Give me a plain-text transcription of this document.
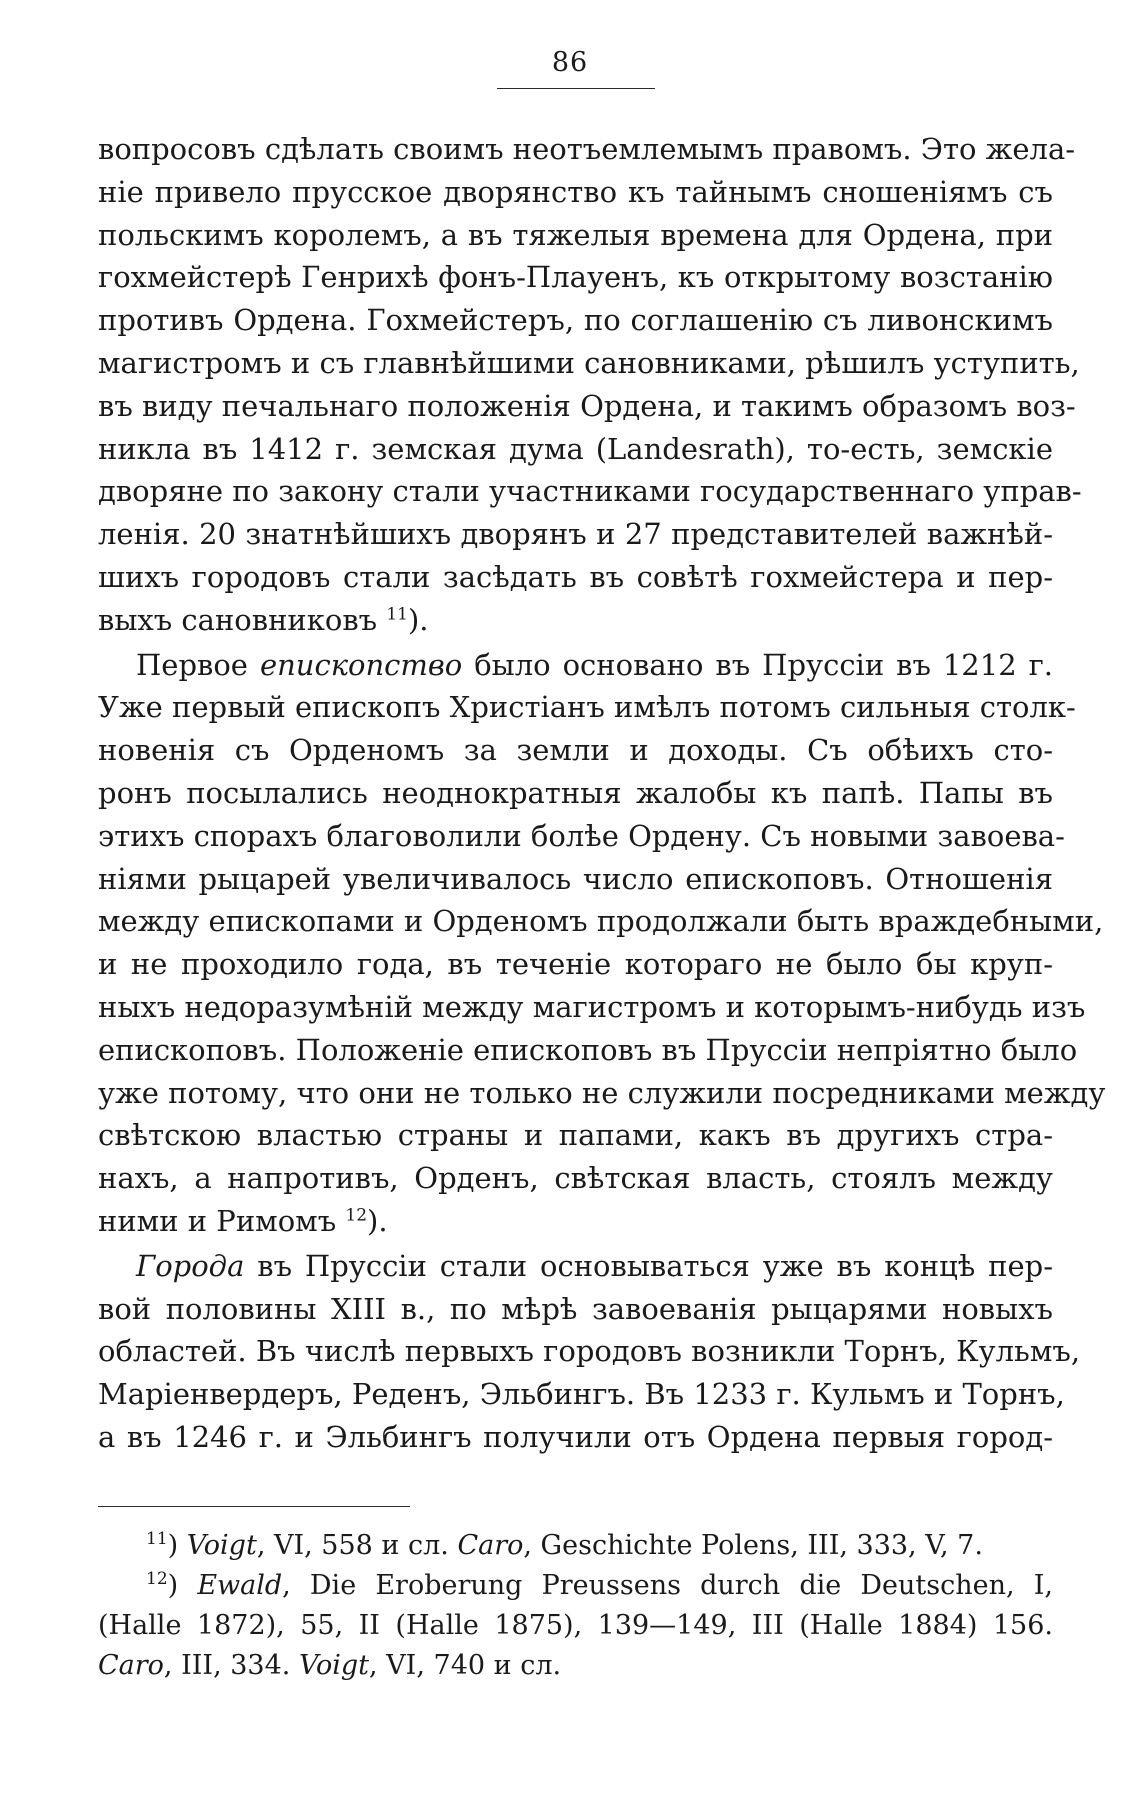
86
вопросовъ сдѣлать своимъ неотъемлемымъ правомъ. Это жела-
ніе привело прусское дворянство къ тайнымъ сношеніямъ съ
польскимъ королемъ, а въ тяжелыя времена для Ордена, при
гохмейстерѣ Генрихѣ фонъ-Плауенъ, къ открытому возстанію
противъ Ордена. Гохмейстеръ, по соглашенію съ ливонскимъ
магистромъ и съ главнѣйшими сановниками, рѣшилъ уступить,
въ виду печальнаго положенія Ордена, и такимъ образомъ воз-
никла въ 1412 г. земская дума (Landesrath), то-есть, земскіе
дворяне по закону стали участниками государственнаго управ-
ленія. 20 знатнѣйшихъ дворянъ и 27 представителей важнѣй-
шихъ городовъ стали засѣдать въ совѣтѣ гохмейстера и пер-
выхъ сановниковъ $^{11}$).
Первое епископство было основано въ Пруссіи въ 1212 г.
Уже первый епископъ Христіанъ имѣлъ потомъ сильныя столк-
новенія съ Орденомъ за земли и доходы. Съ обѣихъ сто-
ронъ посылались неоднократныя жалобы къ папѣ. Папы въ
этихъ спорахъ благоволили болѣе Ордену. Съ новыми завоева-
ніями рыцарей увеличивалось число епископовъ. Отношенія
между епископами и Орденомъ продолжали быть враждебными,
и не проходило года, въ теченіе котораго не было бы круп-
ныхъ недоразумѣній между магистромъ и которымъ-нибудь изъ
епископовъ. Положеніе епископовъ въ Пруссіи непріятно было
уже потому, что они не только не служили посредниками между
свѣтскою властью страны и папами, какъ въ другихъ стра-
нахъ, а напротивъ, Орденъ, свѣтская власть, стоялъ между
ними и Римомъ $^{12}$).
Города въ Пруссіи стали основываться уже въ концѣ пер-
вой половины XIII в., по мѣрѣ завоеванія рыцарями новыхъ
областей. Въ числѣ первыхъ городовъ возникли Торнъ, Кульмъ,
Маріенвердеръ, Реденъ, Эльбингъ. Въ 1233 г. Кульмъ и Торнъ,
а въ 1246 г. и Эльбингъ получили отъ Ордена первыя город-
$^{11}$) Voigt, VI, 558 и сл. Caro, Geschichte Polens, III, 333, V, 7.
$^{12}$) Ewald, Die Eroberung Preussens durch die Deutschen, I,
(Halle 1872), 55, II (Halle 1875), 139—149, III (Halle 1884) 156.
Caro, III, 334. Voigt, VI, 740 и сл.
